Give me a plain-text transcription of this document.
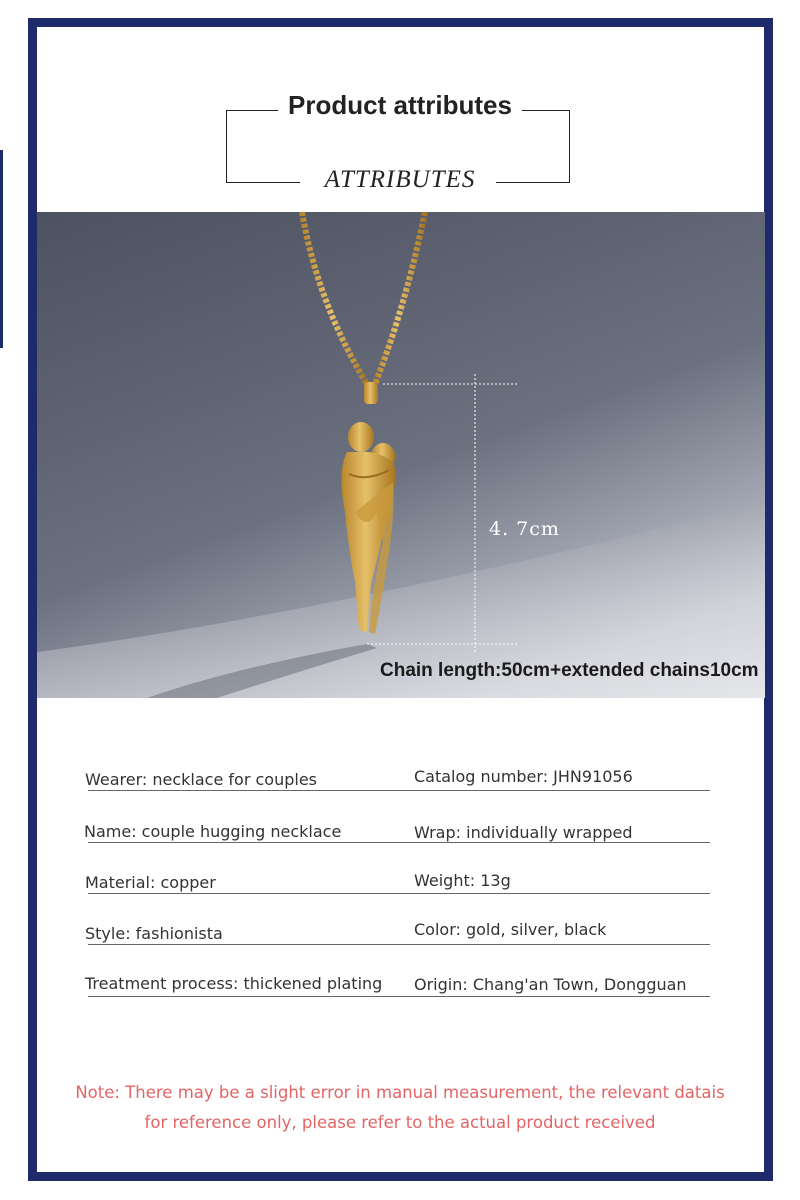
Product attributes
ATTRIBUTES
4. 7cm
Chain length:50cm+extended chains10cm
Wearer: necklace for couples	Catalog number: JHN91056
Name: couple hugging necklace	Wrap: individually wrapped
Material: copper	Weight: 13g
Style: fashionista	Color: gold, silver, black
Treatment process: thickened plating Origin: Chang'an Town, Dongguan
Note: There may be a slight error in manual measurement, the relevant datais
for reference only, please refer to the actual product received
